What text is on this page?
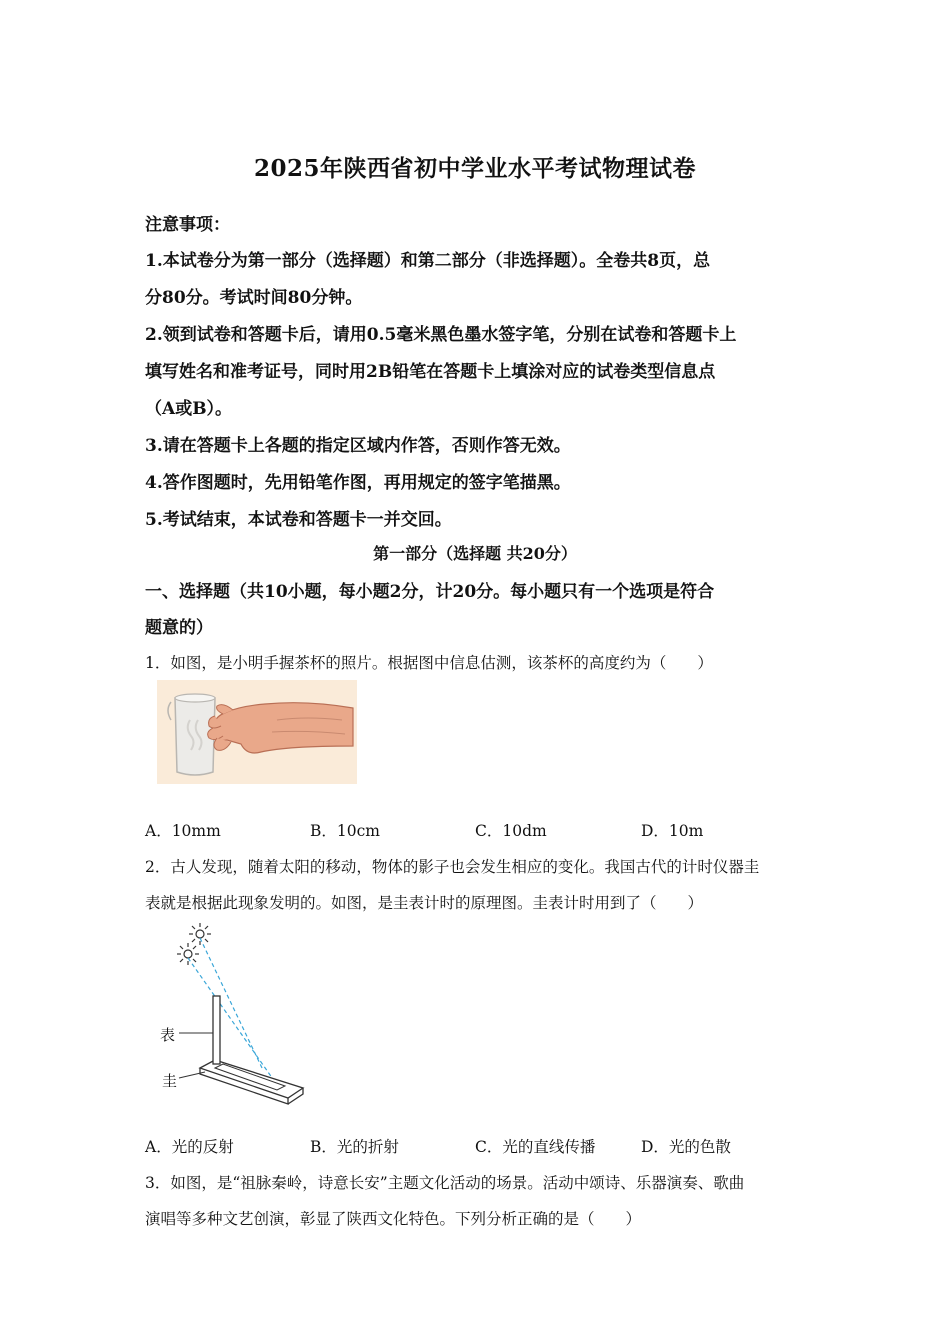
2025年陕西省初中学业水平考试物理试卷
注意事项：
1.本试卷分为第一部分（选择题）和第二部分（非选择题）。全卷共8页，总
分80分。考试时间80分钟。
2.领到试卷和答题卡后，请用0.5毫米黑色墨水签字笔，分别在试卷和答题卡上
填写姓名和准考证号，同时用2B铅笔在答题卡上填涂对应的试卷类型信息点
（A或B）。
3.请在答题卡上各题的指定区域内作答，否则作答无效。
4.答作图题时，先用铅笔作图，再用规定的签字笔描黑。
5.考试结束，本试卷和答题卡一并交回。
第一部分（选择题 共20分）
一、选择题（共10小题，每小题2分，计20分。每小题只有一个选项是符合
题意的）
1．如图，是小明手握茶杯的照片。根据图中信息估测，该茶杯的高度约为（　　）
A．10mm	B．10cm	C．10dm	D．10m
2．古人发现，随着太阳的移动，物体的影子也会发生相应的变化。我国古代的计时仪器圭
表就是根据此现象发明的。如图，是圭表计时的原理图。圭表计时用到了（　　）
表
圭
A．光的反射	B．光的折射	C．光的直线传播	D．光的色散
3．如图，是“祖脉秦岭，诗意长安”主题文化活动的场景。活动中颂诗、乐器演奏、歌曲
演唱等多种文艺创演，彰显了陕西文化特色。下列分析正确的是（　　）
